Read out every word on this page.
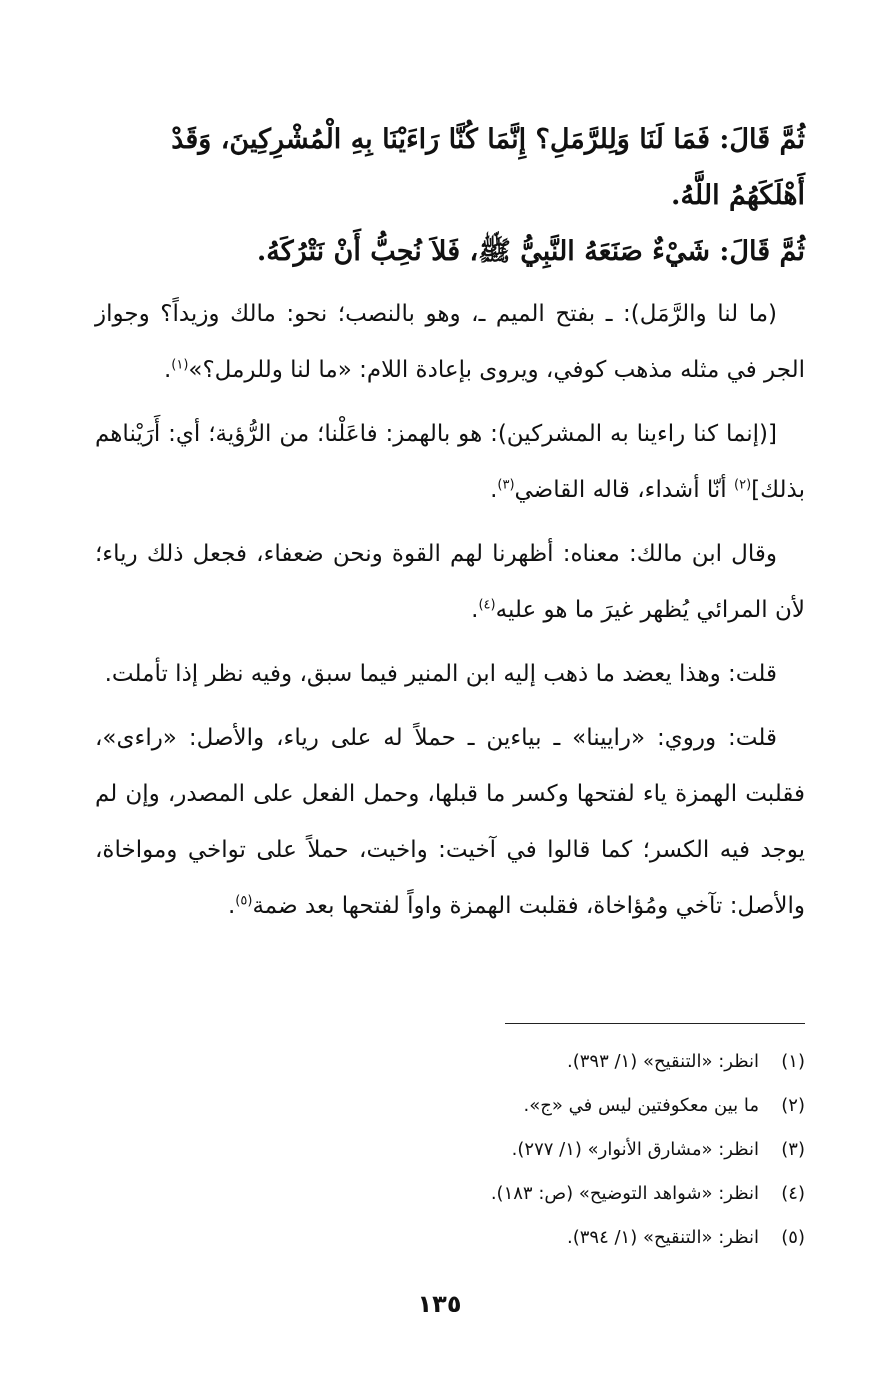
ثُمَّ قَالَ: فَمَا لَنَا وَلِلرَّمَلِ؟ إِنَّمَا كُنَّا رَاءَيْنَا بِهِ الْمُشْرِكِينَ، وَقَدْ أَهْلَكَهُمُ اللَّهُ.

ثُمَّ قَالَ: شَيْءٌ صَنَعَهُ النَّبِيُّ ﷺ، فَلاَ نُحِبُّ أَنْ نَتْرُكَهُ.

(ما لنا والرَّمَل): ـ بفتح الميم ـ، وهو بالنصب؛ نحو: مالك وزيداً؟ وجواز الجر في مثله مذهب كوفي، ويروى بإعادة اللام: «ما لنا وللرمل؟»$^{(١)}$.

[(إنما كنا راءينا به المشركين): هو بالهمز: فاعَلْنا؛ من الرُّؤية؛ أي: أَرَيْناهم بذلك]$^{(٢)}$ أنّا أشداء، قاله القاضي$^{(٣)}$.

وقال ابن مالك: معناه: أظهرنا لهم القوة ونحن ضعفاء، فجعل ذلك رياء؛ لأن المرائي يُظهر غيرَ ما هو عليه$^{(٤)}$.

قلت: وهذا يعضد ما ذهب إليه ابن المنير فيما سبق، وفيه نظر إذا تأملت.

قلت: وروي: «رايينا» ـ بياءين ـ حملاً له على رياء، والأصل: «راءى»، فقلبت الهمزة ياء لفتحها وكسر ما قبلها، وحمل الفعل على المصدر، وإن لم يوجد فيه الكسر؛ كما قالوا في آخيت: واخيت، حملاً على تواخي ومواخاة، والأصل: تآخي ومُؤاخاة، فقلبت الهمزة واواً لفتحها بعد ضمة$^{(٥)}$.

(١)انظر: «التنقيح» (١/ ٣٩٣).
(٢)ما بين معكوفتين ليس في «ج».
(٣)انظر: «مشارق الأنوار» (١/ ٢٧٧).
(٤)انظر: «شواهد التوضيح» (ص: ١٨٣).
(٥)انظر: «التنقيح» (١/ ٣٩٤).
١٣٥
